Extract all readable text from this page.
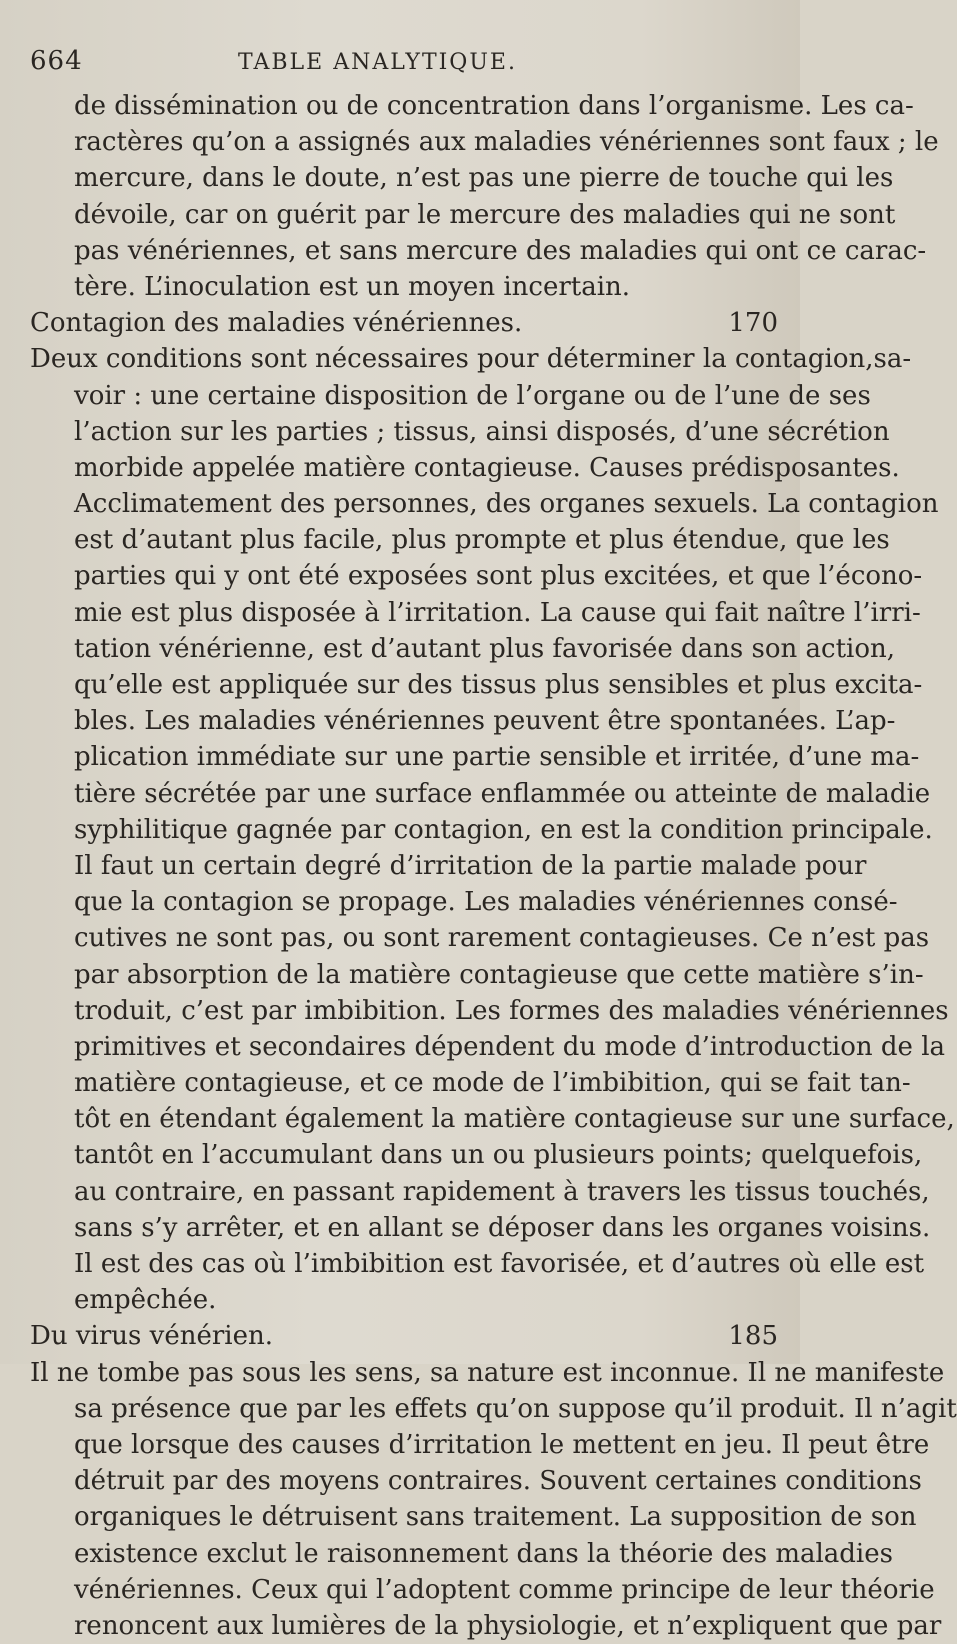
664	TABLE ANALYTIQUE.
de dissémination ou de concentration dans l’organisme. Les ca-
ractères qu’on a assignés aux maladies vénériennes sont faux ; le
mercure, dans le doute, n’est pas une pierre de touche qui les
dévoile, car on guérit par le mercure des maladies qui ne sont
pas vénériennes, et sans mercure des maladies qui ont ce carac-
tère. L’inoculation est un moyen incertain.
Contagion des maladies vénériennes.	170
Deux conditions sont nécessaires pour déterminer la contagion,sa-
voir : une certaine disposition de l’organe ou de l’une de ses
l’action sur les parties ; tissus, ainsi disposés, d’une sécrétion
morbide appelée matière contagieuse. Causes prédisposantes.
Acclimatement des personnes, des organes sexuels. La contagion
est d’autant plus facile, plus prompte et plus étendue, que les
parties qui y ont été exposées sont plus excitées, et que l’écono-
mie est plus disposée à l’irritation. La cause qui fait naître l’irri-
tation vénérienne, est d’autant plus favorisée dans son action,
qu’elle est appliquée sur des tissus plus sensibles et plus excita-
bles. Les maladies vénériennes peuvent être spontanées. L’ap-
plication immédiate sur une partie sensible et irritée, d’une ma-
tière sécrétée par une surface enflammée ou atteinte de maladie
syphilitique gagnée par contagion, en est la condition principale.
Il faut un certain degré d’irritation de la partie malade pour
que la contagion se propage. Les maladies vénériennes consé-
cutives ne sont pas, ou sont rarement contagieuses. Ce n’est pas
par absorption de la matière contagieuse que cette matière s’in-
troduit, c’est par imbibition. Les formes des maladies vénériennes
primitives et secondaires dépendent du mode d’introduction de la
matière contagieuse, et ce mode de l’imbibition, qui se fait tan-
tôt en étendant également la matière contagieuse sur une surface,
tantôt en l’accumulant dans un ou plusieurs points; quelquefois,
au contraire, en passant rapidement à travers les tissus touchés,
sans s’y arrêter, et en allant se déposer dans les organes voisins.
Il est des cas où l’imbibition est favorisée, et d’autres où elle est
empêchée.
Du virus vénérien.	185
Il ne tombe pas sous les sens, sa nature est inconnue. Il ne manifeste
sa présence que par les effets qu’on suppose qu’il produit. Il n’agit
que lorsque des causes d’irritation le mettent en jeu. Il peut être
détruit par des moyens contraires. Souvent certaines conditions
organiques le détruisent sans traitement. La supposition de son
existence exclut le raisonnement dans la théorie des maladies
vénériennes. Ceux qui l’adoptent comme principe de leur théorie
renoncent aux lumières de la physiologie, et n’expliquent que par
